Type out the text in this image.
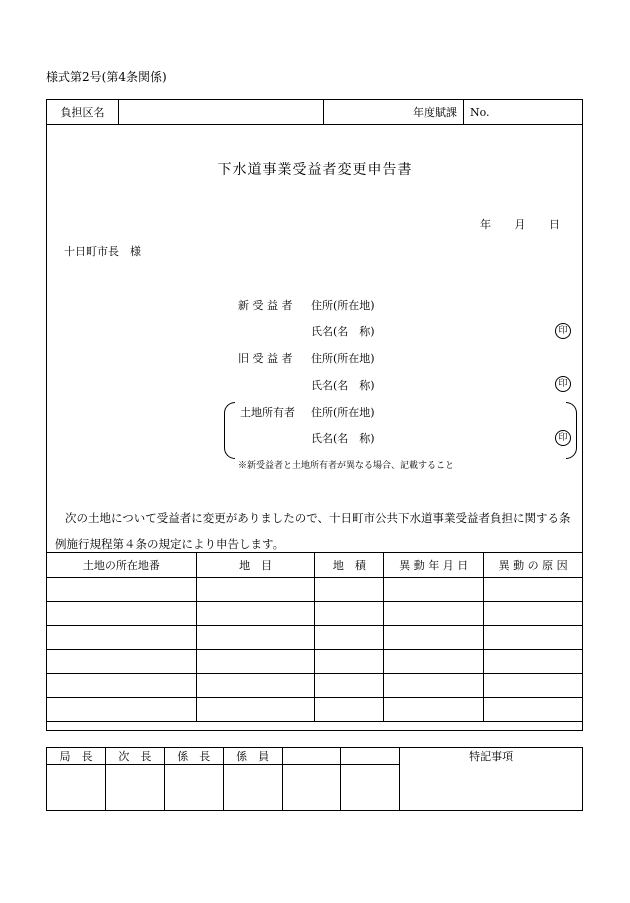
様式第2号(第4条関係)
負担区名	年度賦課	No.
下水道事業受益者変更申告書
年 月 日
十日町市長　様
新 受 益 者 住所(所在地)
氏名(名　称)	印
旧 受 益 者 住所(所在地)
氏名(名　称)	印
土地所有者 住所(所在地)
氏名(名　称)	印
※新受益者と土地所有者が異なる場合、記載すること
次の土地について受益者に変更がありましたので、十日町市公共下水道事業受益者負担に関する条例施行規程第４条の規定により申告します。
土地の所在地番	地　目	地　積	異 動 年 月 日	異 動 の 原 因

局　長	次　長	係　長	係　員			特記事項
